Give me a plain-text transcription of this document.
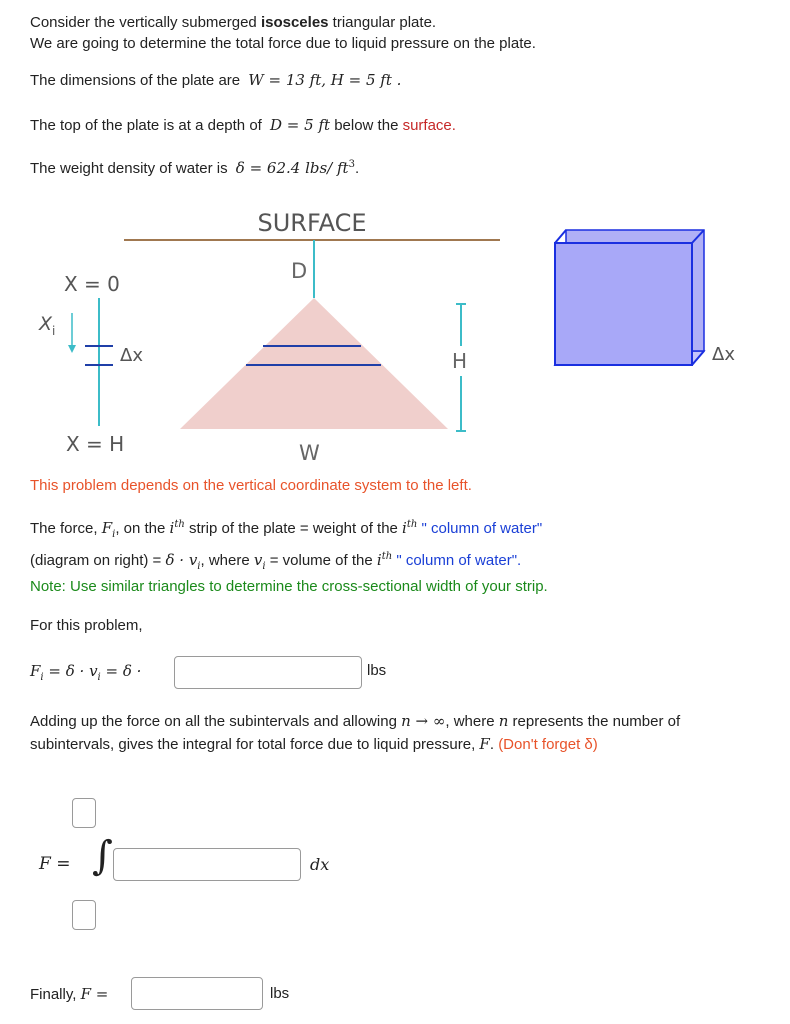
Consider the vertically submerged isosceles triangular plate.
We are going to determine the total force due to liquid pressure on the plate.
The dimensions of the plate are W = 13 ft, H = 5 ft .
The top of the plate is at a depth of D = 5 ft below the surface.
The weight density of water is δ = 62.4 lbs/ $ft^3$.
SURFACE
D
W
H
X = 0
Δx
$X_i$
X = H
Δx
This problem depends on the vertical coordinate system to the left.
The force, $F_i$, on the $i^{th}$ strip of the plate = weight of the $i^{th}$ " column of water"
(diagram on right) = $\delta \cdot v_i$, where $v_i$ = volume of the $i^{th}$ " column of water".
Note: Use similar triangles to determine the cross-sectional width of your strip.
For this problem,
$F_i = \delta \cdot v_i = \delta$ ·	lbs
Adding up the force on all the subintervals and allowing n → ∞, where n represents the number of
subintervals, gives the integral for total force due to liquid pressure, F. (Don't forget δ)
F = ∫	dx
Finally, F =	lbs
